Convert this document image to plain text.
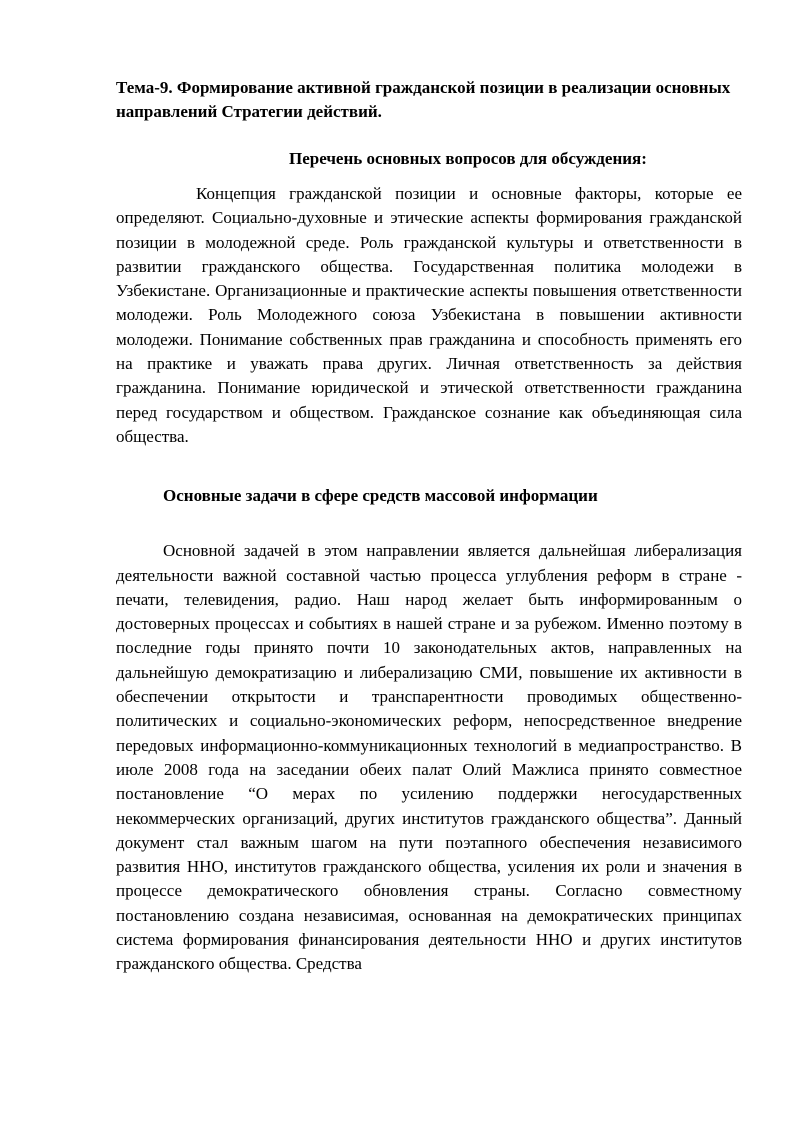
Тема-9. Формирование активной гражданской позиции в реализации основных
направлений Стратегии действий.

Перечень основных вопросов для обсуждения:

Концепция гражданской позиции и основные факторы, которые ее определяют. Социально-духовные и этические аспекты формирования гражданской позиции в молодежной среде. Роль гражданской культуры и ответственности в развитии гражданского общества. Государственная политика молодежи в Узбекистане. Организационные и практические аспекты повышения ответственности молодежи. Роль Молодежного союза Узбекистана в повышении активности молодежи. Понимание собственных прав гражданина и способность применять его на практике и уважать права других. Личная ответственность за действия гражданина. Понимание юридической и этической ответственности гражданина перед государством и обществом. Гражданское сознание как объединяющая сила общества.

Основные задачи в сфере средств массовой информации

Основной задачей в этом направлении является дальнейшая либерализация деятельности важной составной частью процесса углубления реформ в стране - печати, телевидения, радио. Наш народ желает быть информированным о достоверных процессах и событиях в нашей стране и за рубежом. Именно поэтому в последние годы принято почти 10 законодательных актов, направленных на дальнейшую демократизацию и либерализацию СМИ, повышение их активности в обеспечении открытости и транспарентности проводимых общественно-политических и социально-экономических реформ, непосредственное внедрение передовых информационно-коммуникационных технологий в медиапространство. В июле 2008 года на заседании обеих палат Олий Мажлиса принято совместное постановление “О мерах по усилению поддержки негосударственных некоммерческих организаций, других институтов гражданского общества”. Данный документ стал важным шагом на пути поэтапного обеспечения независимого развития ННО, институтов гражданского общества, усиления их роли и значения в процессе демократического обновления страны. Согласно совместному постановлению создана независимая, основанная на демократических принципах система формирования финансирования деятельности ННО и других институтов гражданского общества. Средства
